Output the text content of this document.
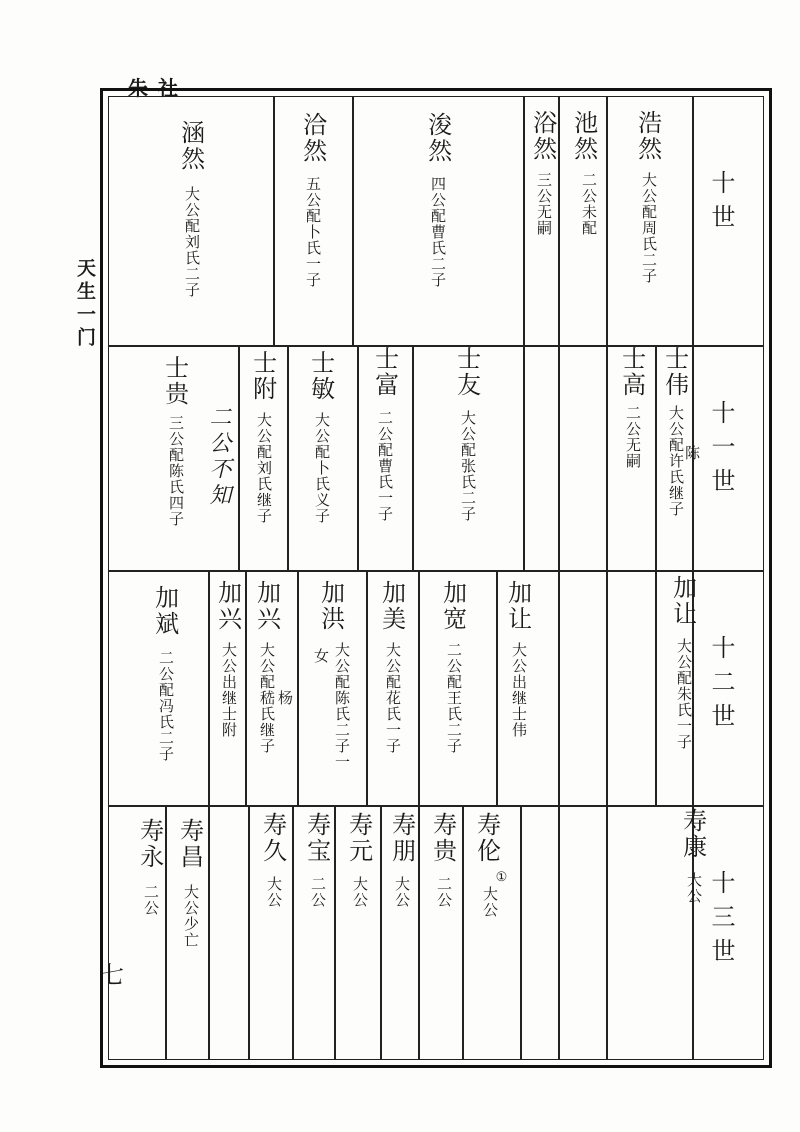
朱社
天生一门
七
十世
十一世
十二世
十三世
浩然
大公配周氏二子
池然
二公未配
浴然
三公无嗣
浚然
四公配曹氏二子
洽然
五公配卜氏一子
涵然
大公配刘氏二子
士伟
大公配许氏继子
陈
士高
二公无嗣
士友
大公配张氏二子
士富
二公配曹氏一子
士敏
大公配卜氏义子
士附
大公配刘氏继子
士贵
三公配陈氏四子 二公不知
加让
大公配朱氏一子
加让
大公出继士伟
加宽
二公配王氏二子
加美
大公配花氏一子
加洪
大公配陈氏二子一
女
加兴
大公配嵇氏继子 杨
加兴
大公出继士附
加斌
二公配冯氏二子
寿康
大公
寿伦
①
大公
寿贵
二公
寿朋
大公
寿元
大公
寿宝
二公
寿久
大公
寿昌
大公少亡
寿永
二公
